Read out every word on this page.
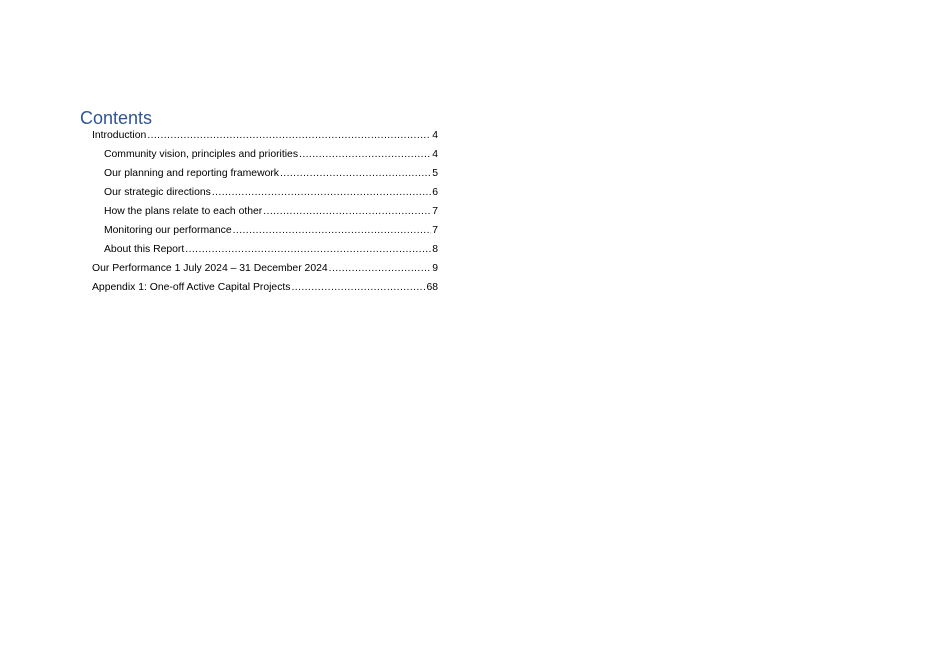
Contents
Introduction .....	4
Community vision, principles and priorities .....	4
Our planning and reporting framework .....	5
Our strategic directions .....	6
How the plans relate to each other .....	7
Monitoring our performance .....	7
About this Report .....	8
Our Performance 1 July 2024 – 31 December 2024 .....	9
Appendix 1: One-off Active Capital Projects .....	68
